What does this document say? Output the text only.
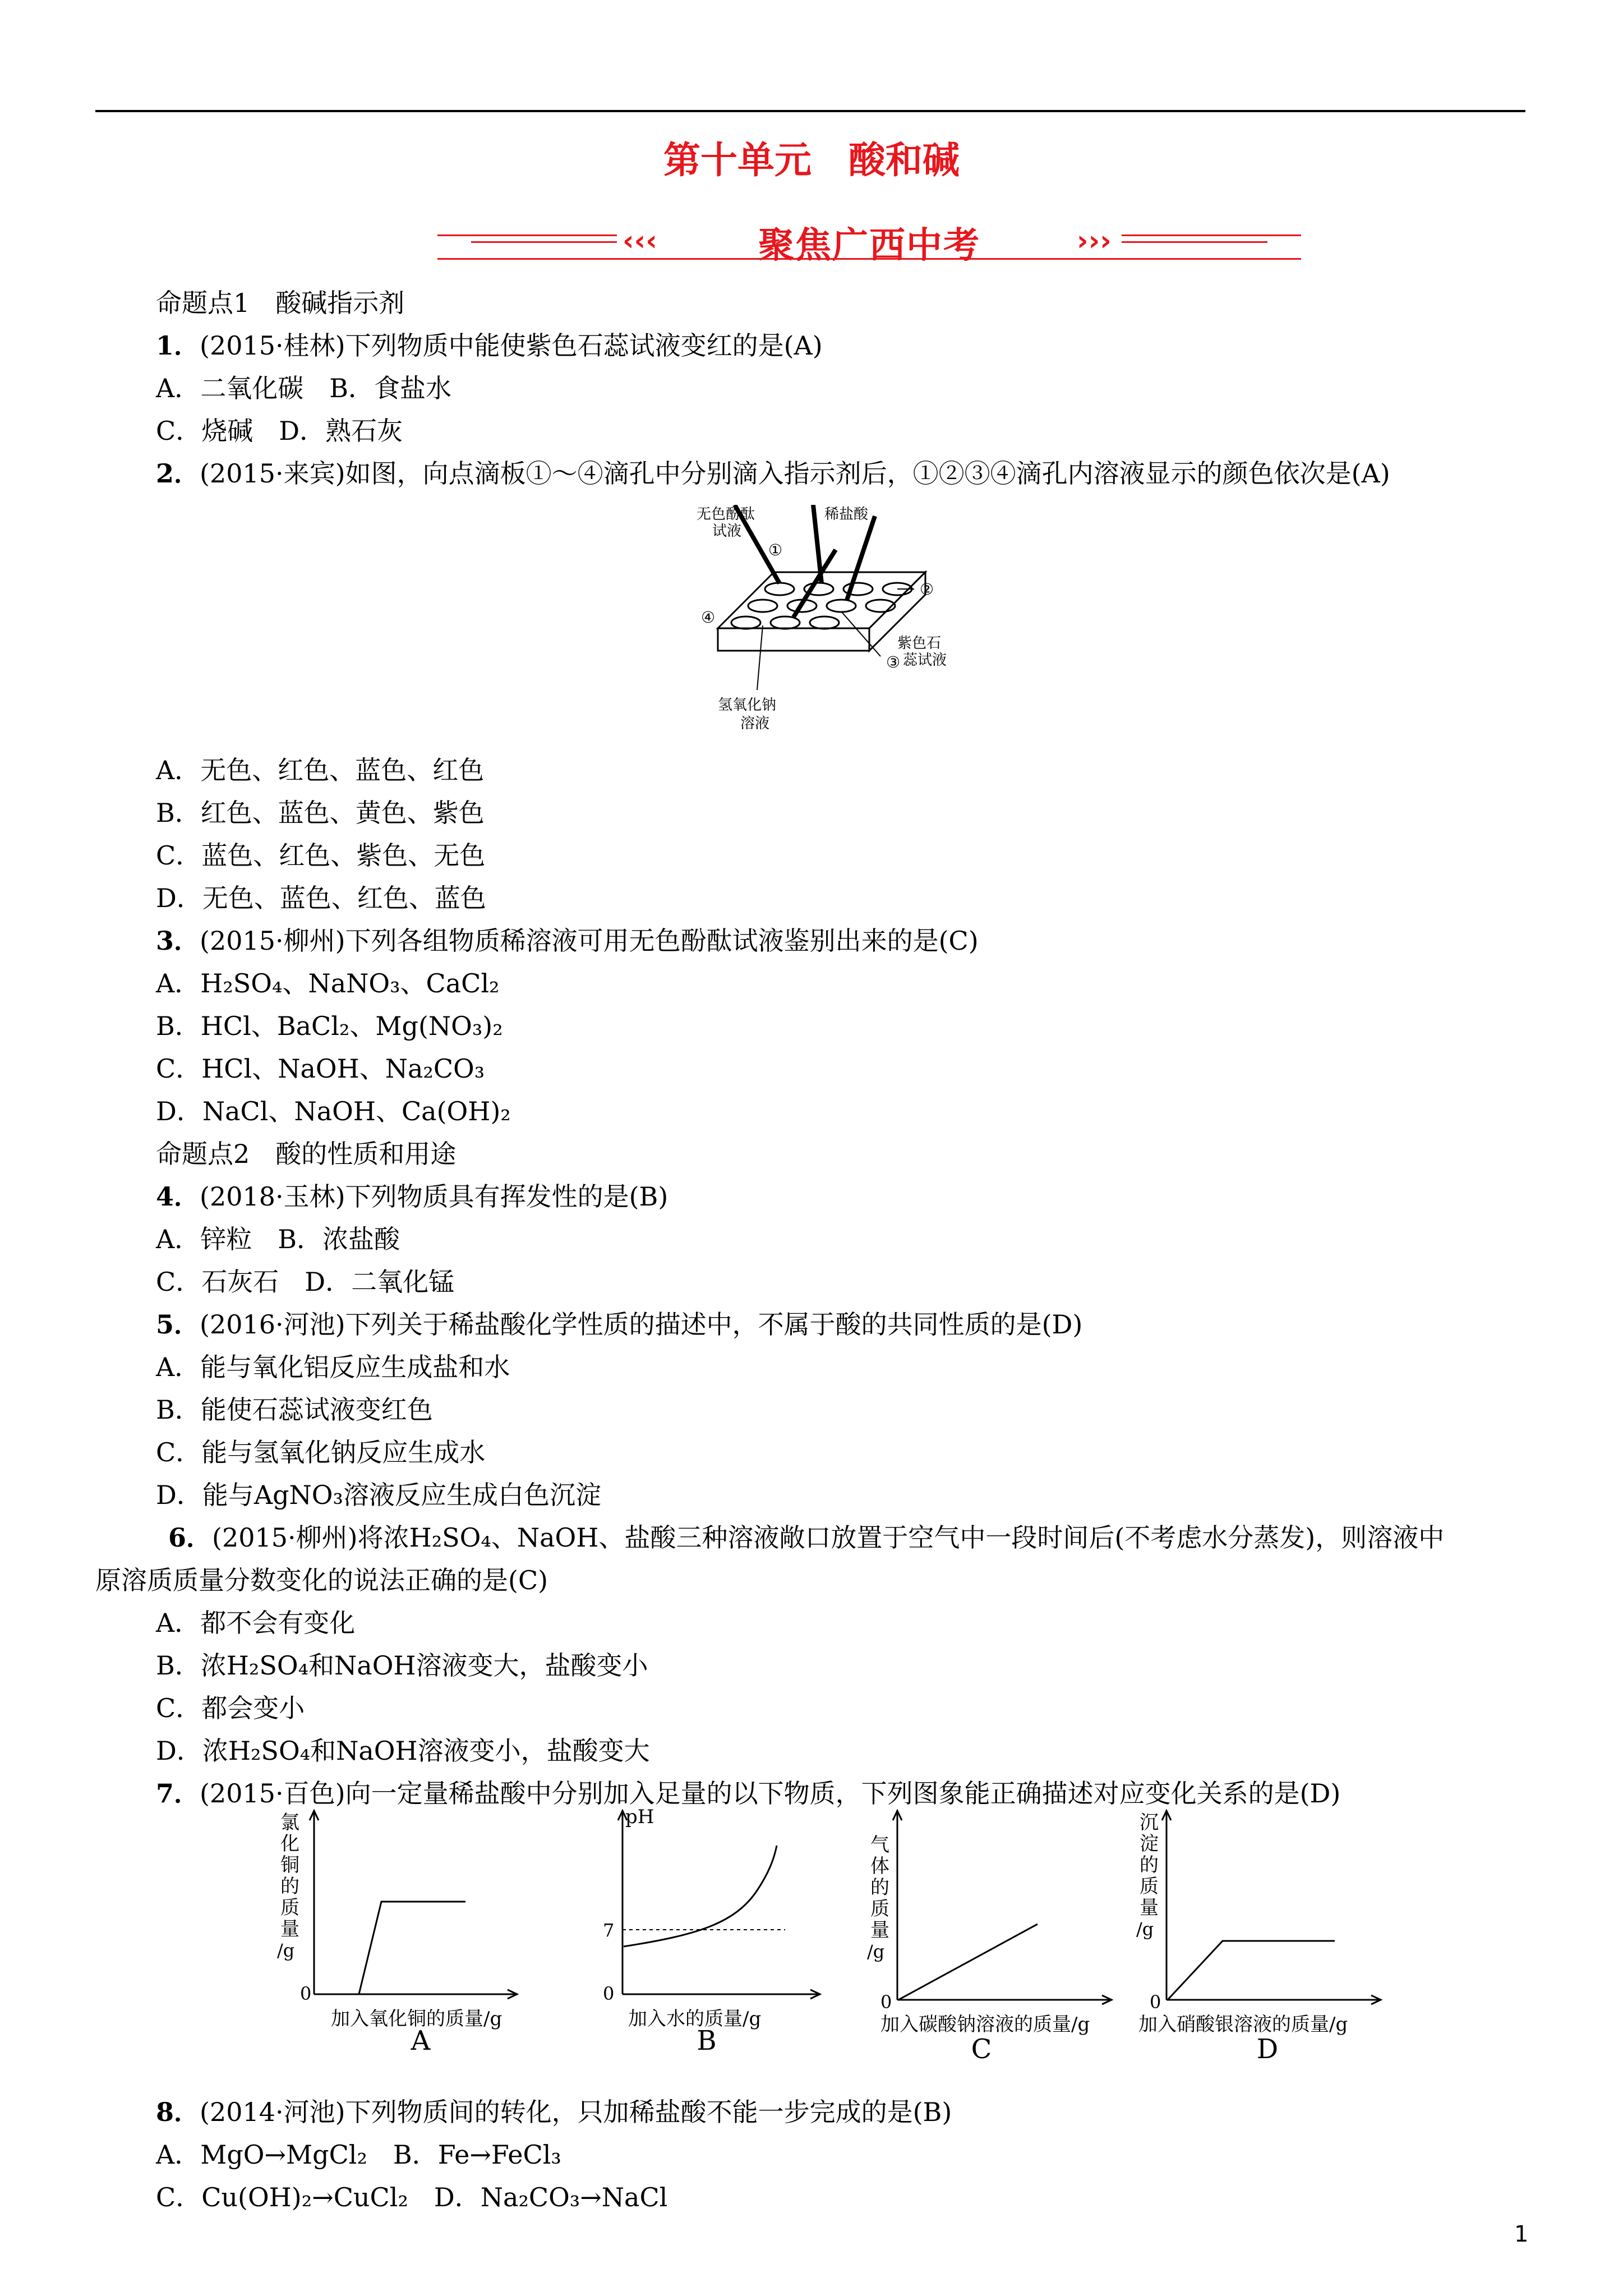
第十单元　酸和碱
‹‹‹	聚焦广西中考	›››
命题点1　酸碱指示剂
1．(2015·桂林)下列物质中能使紫色石蕊试液变红的是(A)
A．二氧化碳　B．食盐水
C．烧碱　D．熟石灰
2．(2015·来宾)如图，向点滴板①～④滴孔中分别滴入指示剂后，①②③④滴孔内溶液显示的颜色依次是(A)
无色酚酞
试液
稀盐酸
①
②
④
③
紫色石
蕊试液
氢氧化钠
溶液
A．无色、红色、蓝色、红色
B．红色、蓝色、黄色、紫色
C．蓝色、红色、紫色、无色
D．无色、蓝色、红色、蓝色
3．(2015·柳州)下列各组物质稀溶液可用无色酚酞试液鉴别出来的是(C)
A．H₂SO₄、NaNO₃、CaCl₂
B．HCl、BaCl₂、Mg(NO₃)₂
C．HCl、NaOH、Na₂CO₃
D．NaCl、NaOH、Ca(OH)₂
命题点2　酸的性质和用途
4．(2018·玉林)下列物质具有挥发性的是(B)
A．锌粒　B．浓盐酸
C．石灰石　D．二氧化锰
5．(2016·河池)下列关于稀盐酸化学性质的描述中，不属于酸的共同性质的是(D)
A．能与氧化铝反应生成盐和水
B．能使石蕊试液变红色
C．能与氢氧化钠反应生成水
D．能与AgNO₃溶液反应生成白色沉淀
6．(2015·柳州)将浓H₂SO₄、NaOH、盐酸三种溶液敞口放置于空气中一段时间后(不考虑水分蒸发)，则溶液中
原溶质质量分数变化的说法正确的是(C)
A．都不会有变化
B．浓H₂SO₄和NaOH溶液变大，盐酸变小
C．都会变小
D．浓H₂SO₄和NaOH溶液变小，盐酸变大
7．(2015·百色)向一定量稀盐酸中分别加入足量的以下物质，下列图象能正确描述对应变化关系的是(D)
氯
化
铜
的
质
量
/g
0
加入氧化铜的质量/g
A
pH
7
0
加入水的质量/g
B
气
体
的
质
量
/g
0
加入碳酸钠溶液的质量/g
C
沉
淀
的
质
量
/g
0
加入硝酸银溶液的质量/g
D
8．(2014·河池)下列物质间的转化，只加稀盐酸不能一步完成的是(B)
A．MgO→MgCl₂　B．Fe→FeCl₃
C．Cu(OH)₂→CuCl₂　D．Na₂CO₃→NaCl
1
